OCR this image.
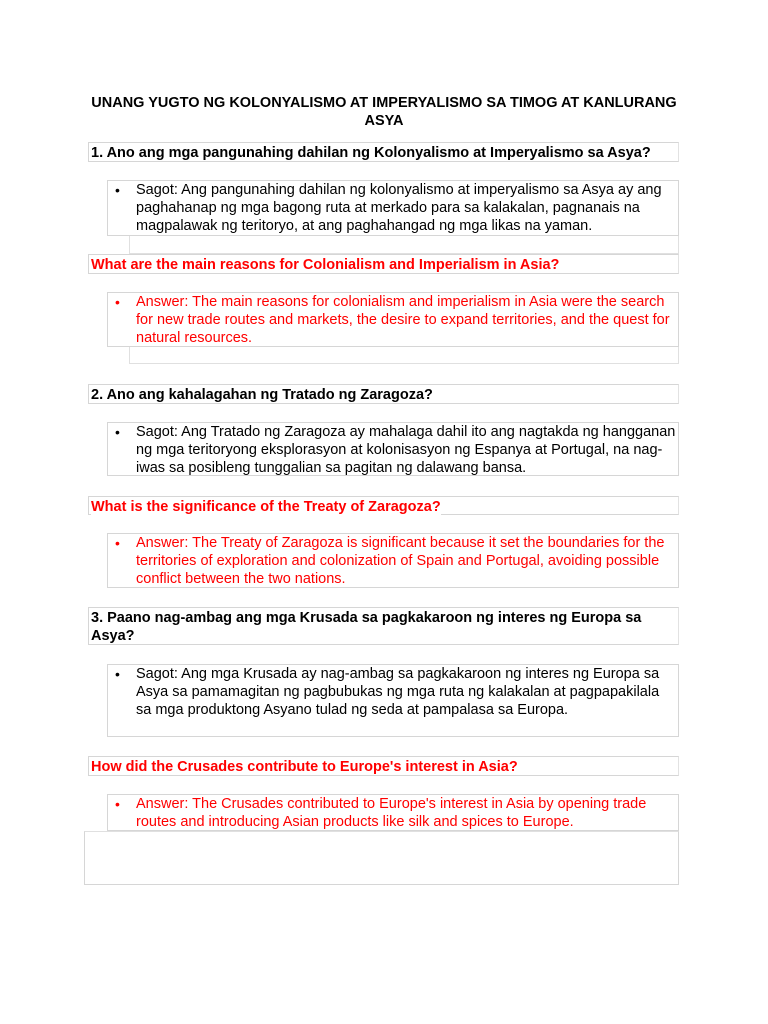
UNANG YUGTO NG KOLONYALISMO AT IMPERYALISMO SA TIMOG AT KANLURANG ASYA
1. Ano ang mga pangunahing dahilan ng Kolonyalismo at Imperyalismo sa Asya?
• Sagot: Ang pangunahing dahilan ng kolonyalismo at imperyalismo sa Asya ay ang paghahanap ng mga bagong ruta at merkado para sa kalakalan, pagnanais na magpalawak ng teritoryo, at ang paghahangad ng mga likas na yaman.
What are the main reasons for Colonialism and Imperialism in Asia?
• Answer: The main reasons for colonialism and imperialism in Asia were the search for new trade routes and markets, the desire to expand territories, and the quest for natural resources.
2. Ano ang kahalagahan ng Tratado ng Zaragoza?
• Sagot: Ang Tratado ng Zaragoza ay mahalaga dahil ito ang nagtakda ng hangganan ng mga teritoryong eksplorasyon at kolonisasyon ng Espanya at Portugal, na nag-iwas sa posibleng tunggalian sa pagitan ng dalawang bansa.
What is the significance of the Treaty of Zaragoza?
• Answer: The Treaty of Zaragoza is significant because it set the boundaries for the territories of exploration and colonization of Spain and Portugal, avoiding possible conflict between the two nations.
3. Paano nag-ambag ang mga Krusada sa pagkakaroon ng interes ng Europa sa Asya?
• Sagot: Ang mga Krusada ay nag-ambag sa pagkakaroon ng interes ng Europa sa Asya sa pamamagitan ng pagbubukas ng mga ruta ng kalakalan at pagpapakilala sa mga produktong Asyano tulad ng seda at pampalasa sa Europa.
How did the Crusades contribute to Europe's interest in Asia?
• Answer: The Crusades contributed to Europe's interest in Asia by opening trade routes and introducing Asian products like silk and spices to Europe.
